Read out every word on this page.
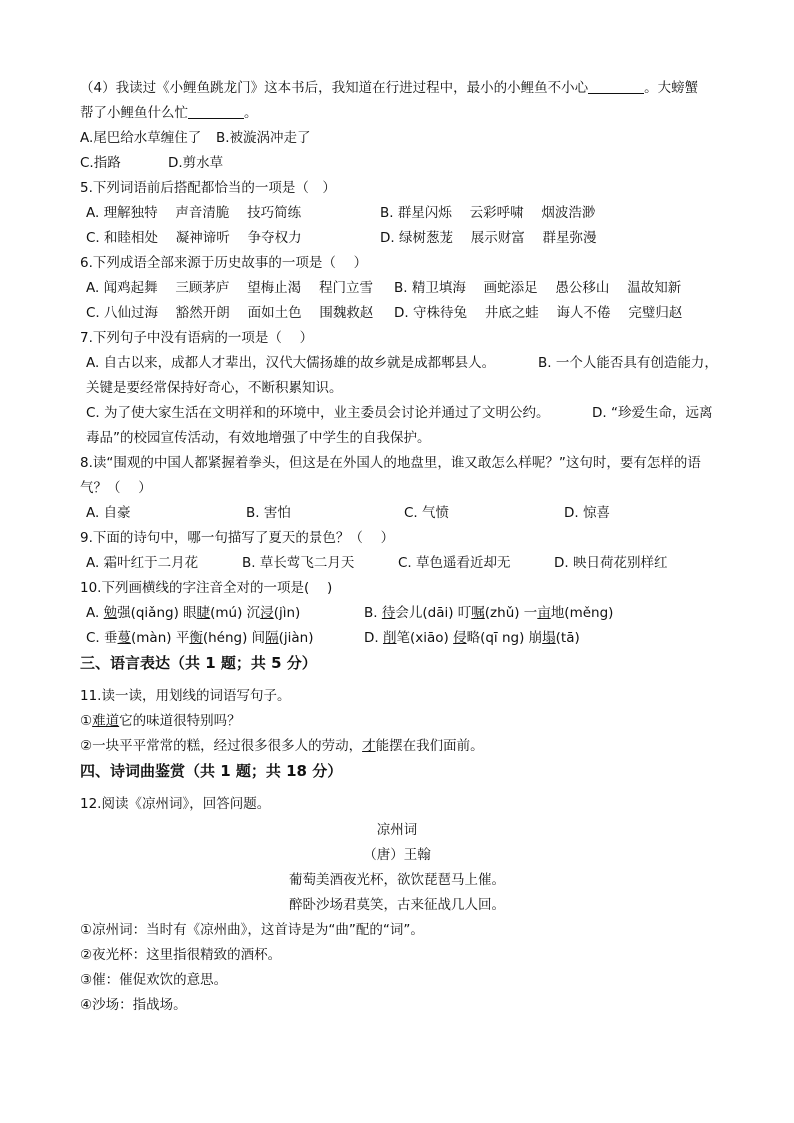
（4）我读过《小鲤鱼跳龙门》这本书后，我知道在行进过程中，最小的小鲤鱼不小心	。大螃蟹
帮了小鲤鱼什么忙	。
A.尾巴给水草缠住了 B.被漩涡冲走了
C.指路	D.剪水草
5.下列词语前后搭配都恰当的一项是（　）
A. 理解独特　 声音清脆　 技巧简练	B. 群星闪烁　 云彩呼啸　 烟波浩渺
C. 和睦相处　 凝神谛听　 争夺权力	D. 绿树葱茏　 展示财富　 群星弥漫
6.下列成语全部来源于历史故事的一项是（　 ）
A. 闻鸡起舞　 三顾茅庐　 望梅止渴　 程门立雪 B. 精卫填海　 画蛇添足　 愚公移山　 温故知新
C. 八仙过海　 豁然开朗　 面如土色　 围魏救赵 D. 守株待兔　 井底之蛙　 诲人不倦　 完璧归赵
7.下列句子中没有语病的一项是（　 ）
A. 自古以来，成都人才辈出，汉代大儒扬雄的故乡就是成都郫县人。	B. 一个人能否具有创造能力，
关键是要经常保持好奇心，不断积累知识。
C. 为了使大家生活在文明祥和的环境中，业主委员会讨论并通过了文明公约。	D. “珍爱生命，远离
毒品”的校园宣传活动，有效地增强了中学生的自我保护。
8.读“围观的中国人都紧握着拳头，但这是在外国人的地盘里，谁又敢怎么样呢？”这句时，要有怎样的语
气？（　 ）
A. 自豪	B. 害怕	C. 气愤	D. 惊喜
9.下面的诗句中，哪一句描写了夏天的景色？（　 ）
A. 霜叶红于二月花	B. 草长莺飞二月天	C. 草色遥看近却无	D. 映日荷花别样红
10.下列画横线的字注音全对的一项是(　 )
A. 勉强(qiǎng) 眼睫(mú) 沉浸(jìn)	B. 待会儿(dāi) 叮嘱(zhǔ) 一亩地(měng)
C. 垂蔓(màn) 平衡(héng) 间隔(jiàn)	D. 削笔(xiāo) 侵略(qī ng) 崩塌(tā)
三、语言表达（共 1 题；共 5 分）
11.读一读，用划线的词语写句子。
①难道它的味道很特别吗？
②一块平平常常的糕，经过很多很多人的劳动，才能摆在我们面前。
四、诗词曲鉴赏（共 1 题；共 18 分）
12.阅读《凉州词》，回答问题。
凉州词
（唐）王翰
葡萄美酒夜光杯，欲饮琵琶马上催。
醉卧沙场君莫笑，古来征战几人回。
①凉州词：当时有《凉州曲》，这首诗是为“曲”配的“词”。
②夜光杯：这里指很精致的酒杯。
③催：催促欢饮的意思。
④沙场：指战场。
